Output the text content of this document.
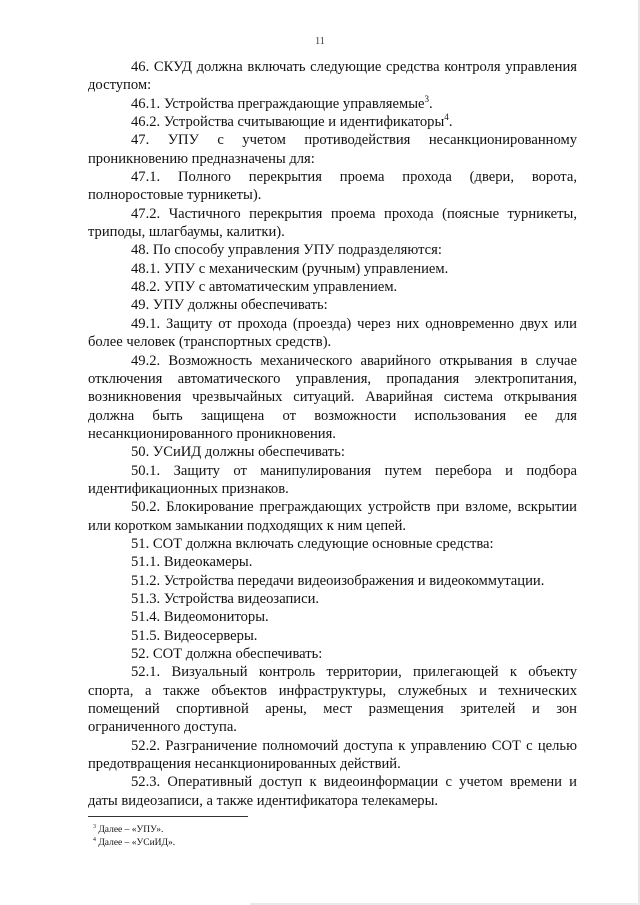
11

46. СКУД должна включать следующие средства контроля управления доступом:

46.1. Устройства преграждающие управляемые$^3$.

46.2. Устройства считывающие и идентификаторы$^4$.

47. УПУ с учетом противодействия несанкционированному проникновению предназначены для:

47.1. Полного перекрытия проема прохода (двери, ворота, полноростовые турникеты).

47.2. Частичного перекрытия проема прохода (поясные турникеты, триподы, шлагбаумы, калитки).

48. По способу управления УПУ подразделяются:

48.1. УПУ с механическим (ручным) управлением.

48.2. УПУ с автоматическим управлением.

49. УПУ должны обеспечивать:

49.1. Защиту от прохода (проезда) через них одновременно двух или более человек (транспортных средств).

49.2. Возможность механического аварийного открывания в случае отключения автоматического управления, пропадания электропитания, возникновения чрезвычайных ситуаций. Аварийная система открывания должна быть защищена от возможности использования ее для несанкционированного проникновения.

50. УСиИД должны обеспечивать:

50.1. Защиту от манипулирования путем перебора и подбора идентификационных признаков.

50.2. Блокирование преграждающих устройств при взломе, вскрытии или коротком замыкании подходящих к ним цепей.

51. СОТ должна включать следующие основные средства:

51.1. Видеокамеры.

51.2. Устройства передачи видеоизображения и видеокоммутации.

51.3. Устройства видеозаписи.

51.4. Видеомониторы.

51.5. Видеосерверы.

52. СОТ должна обеспечивать:

52.1. Визуальный контроль территории, прилегающей к объекту спорта, а также объектов инфраструктуры, служебных и технических помещений спортивной арены, мест размещения зрителей и зон ограниченного доступа.

52.2. Разграничение полномочий доступа к управлению СОТ с целью предотвращения несанкционированных действий.

52.3. Оперативный доступ к видеоинформации с учетом времени и даты видеозаписи, а также идентификатора телекамеры.

$^3$ Далее – «УПУ».

$^4$ Далее – «УСиИД».
